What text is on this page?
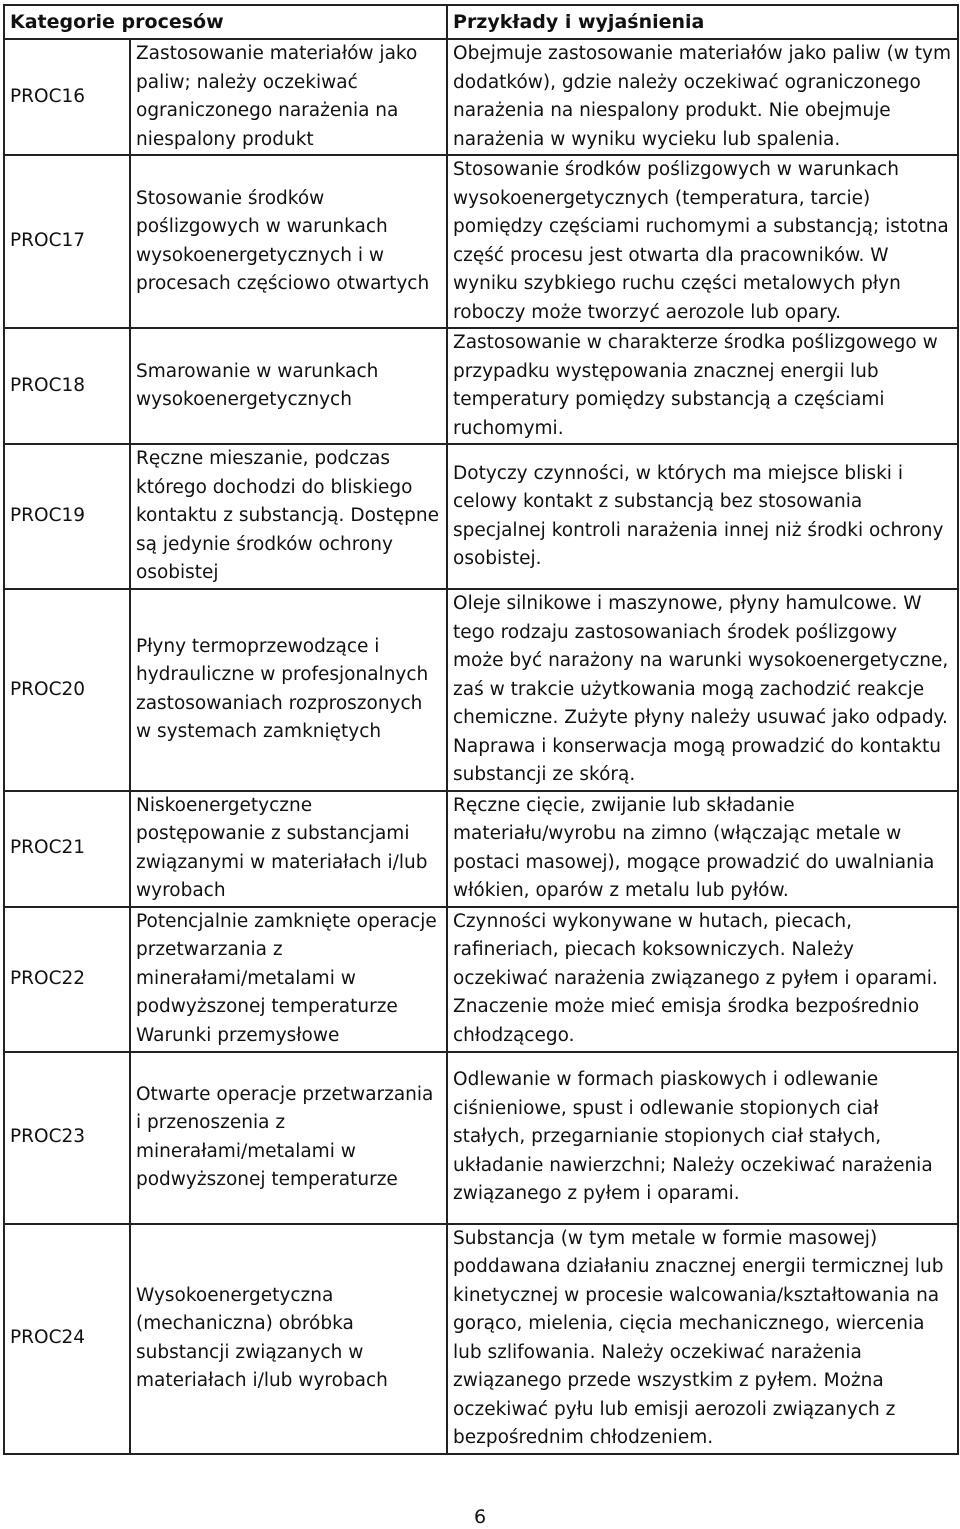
Kategorie procesów		Przykłady i wyjaśnienia
PROC16	Zastosowanie materiałów jako paliw; należy oczekiwać ograniczonego narażenia na niespalony produkt	Obejmuje zastosowanie materiałów jako paliw (w tym dodatków), gdzie należy oczekiwać ograniczonego narażenia na niespalony produkt. Nie obejmuje narażenia w wyniku wycieku lub spalenia.
PROC17	Stosowanie środków poślizgowych w warunkach wysokoenergetycznych i w procesach częściowo otwartych	Stosowanie środków poślizgowych w warunkach wysokoenergetycznych (temperatura, tarcie) pomiędzy częściami ruchomymi a substancją; istotna część procesu jest otwarta dla pracowników. W wyniku szybkiego ruchu części metalowych płyn roboczy może tworzyć aerozole lub opary.
PROC18	Smarowanie w warunkach wysokoenergetycznych	Zastosowanie w charakterze środka poślizgowego w przypadku występowania znacznej energii lub temperatury pomiędzy substancją a częściami ruchomymi.
PROC19	Ręczne mieszanie, podczas którego dochodzi do bliskiego kontaktu z substancją. Dostępne są jedynie środków ochrony osobistej	Dotyczy czynności, w których ma miejsce bliski i celowy kontakt z substancją bez stosowania specjalnej kontroli narażenia innej niż środki ochrony osobistej.
PROC20	Płyny termoprzewodzące i hydrauliczne w profesjonalnych zastosowaniach rozproszonych w systemach zamkniętych	Oleje silnikowe i maszynowe, płyny hamulcowe. W tego rodzaju zastosowaniach środek poślizgowy może być narażony na warunki wysokoenergetyczne, zaś w trakcie użytkowania mogą zachodzić reakcje chemiczne. Zużyte płyny należy usuwać jako odpady. Naprawa i konserwacja mogą prowadzić do kontaktu substancji ze skórą.
PROC21	Niskoenergetyczne postępowanie z substancjami związanymi w materiałach i/lub wyrobach	Ręczne cięcie, zwijanie lub składanie materiału/wyrobu na zimno (włączając metale w postaci masowej), mogące prowadzić do uwalniania włókien, oparów z metalu lub pyłów.
PROC22	Potencjalnie zamknięte operacje przetwarzania z minerałami/metalami w podwyższonej temperaturze Warunki przemysłowe	Czynności wykonywane w hutach, piecach, rafineriach, piecach koksowniczych. Należy oczekiwać narażenia związanego z pyłem i oparami. Znaczenie może mieć emisja środka bezpośrednio chłodzącego.
PROC23	Otwarte operacje przetwarzania i przenoszenia z minerałami/metalami w podwyższonej temperaturze	Odlewanie w formach piaskowych i odlewanie ciśnieniowe, spust i odlewanie stopionych ciał stałych, przegarnianie stopionych ciał stałych, układanie nawierzchni; Należy oczekiwać narażenia związanego z pyłem i oparami.
PROC24	Wysokoenergetyczna (mechaniczna) obróbka substancji związanych w materiałach i/lub wyrobach	Substancja (w tym metale w formie masowej) poddawana działaniu znacznej energii termicznej lub kinetycznej w procesie walcowania/kształtowania na gorąco, mielenia, cięcia mechanicznego, wiercenia lub szlifowania. Należy oczekiwać narażenia związanego przede wszystkim z pyłem. Można oczekiwać pyłu lub emisji aerozoli związanych z bezpośrednim chłodzeniem.
6
